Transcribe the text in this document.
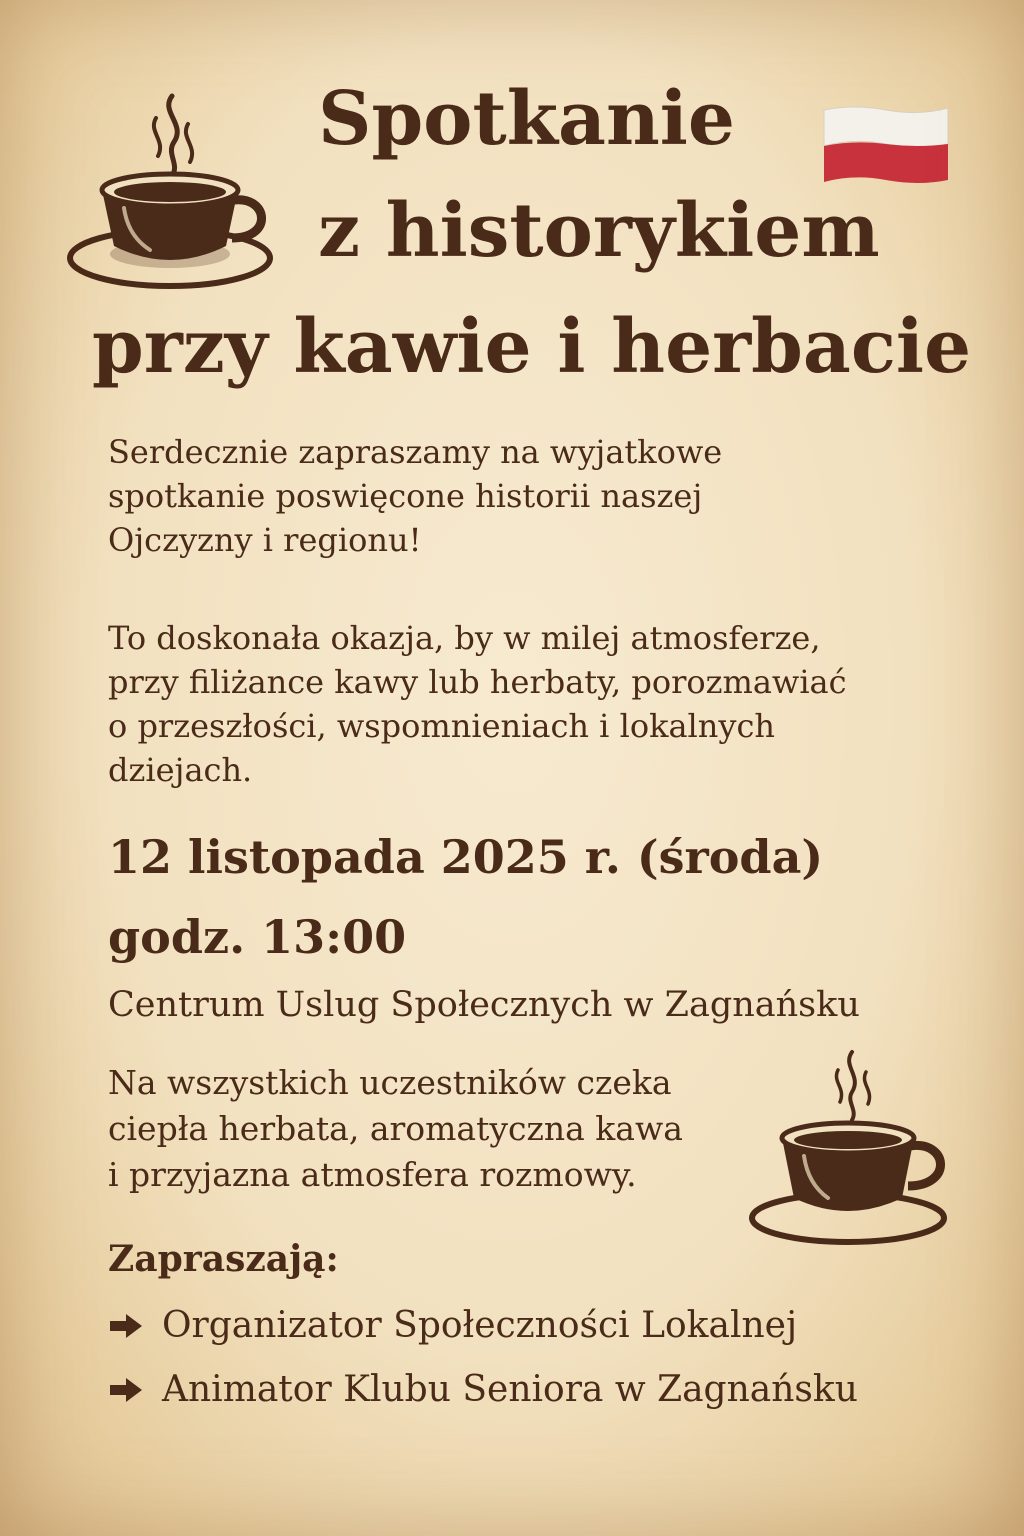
Spotkanie
z historykiem
przy kawie i herbacie

Serdecznie zapraszamy na wyjatkowe
spotkanie poswięcone historii naszej
Ojczyzny i regionu!

To doskonała okazja, by w milej atmosferze,
przy filiżance kawy lub herbaty, porozmawiać
o przeszłości, wspomnieniach i lokalnych
dziejach.

12 listopada 2025 r. (środa)
godz. 13:00

Centrum Uslug Społecznych w Zagnańsku

Na wszystkich uczestników czeka
ciepła herbata, aromatyczna kawa
i przyjazna atmosfera rozmowy.

Zapraszają:

Organizator Społeczności Lokalnej

Animator Klubu Seniora w Zagnańsku
